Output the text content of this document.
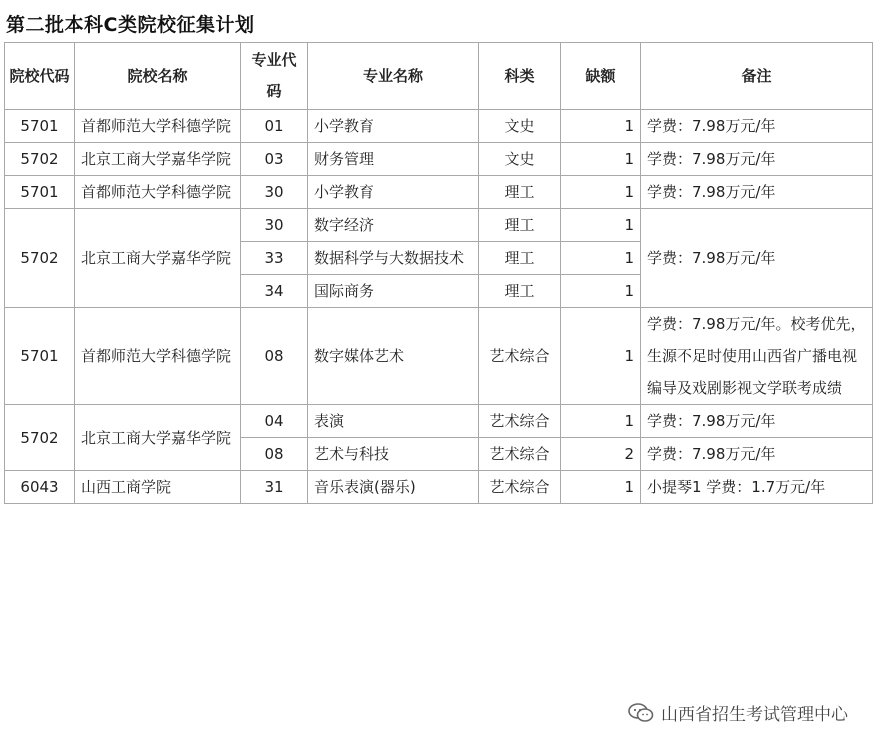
第二批本科C类院校征集计划
院校代码	院校名称	专业代码	专业名称	科类	缺额	备注
5701	首都师范大学科德学院	01	小学教育	文史	1	学费：7.98万元/年
5702	北京工商大学嘉华学院	03	财务管理	文史	1	学费：7.98万元/年
5701	首都师范大学科德学院	30	小学教育	理工	1	学费：7.98万元/年
5702	北京工商大学嘉华学院	30	数字经济	理工	1	学费：7.98万元/年
		33	数据科学与大数据技术	理工	1	
		34	国际商务	理工	1	
5701	首都师范大学科德学院	08	数字媒体艺术	艺术综合	1	学费：7.98万元/年。校考优先，生源不足时使用山西省广播电视编导及戏剧影视文学联考成绩
5702	北京工商大学嘉华学院	04	表演	艺术综合	1	学费：7.98万元/年
		08	艺术与科技	艺术综合	2	学费：7.98万元/年
6043	山西工商学院	31	音乐表演(器乐)	艺术综合	1	小提琴1 学费：1.7万元/年
山西省招生考试管理中心
